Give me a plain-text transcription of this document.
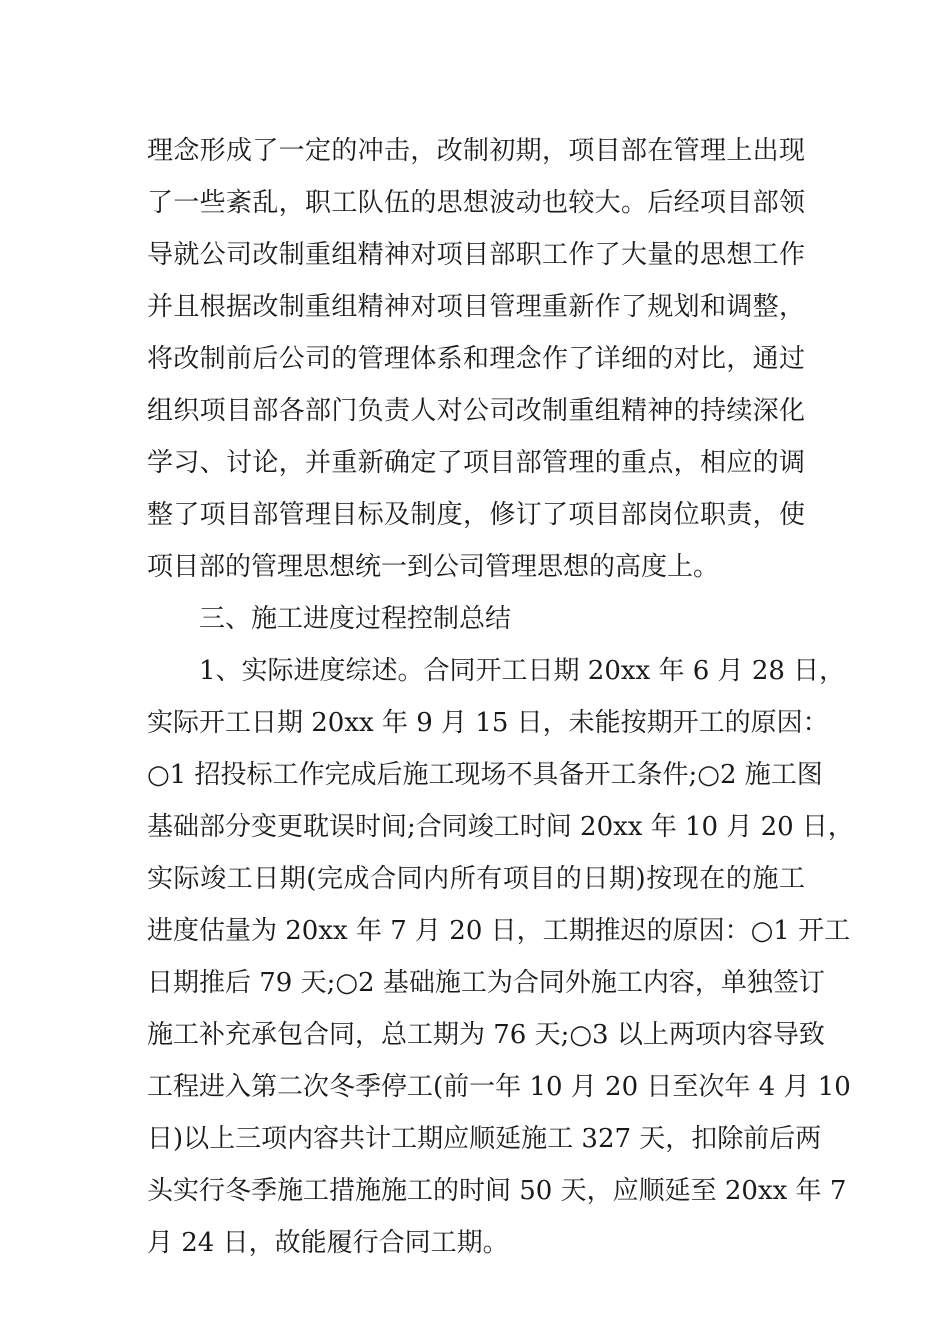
理念形成了一定的冲击，改制初期，项目部在管理上出现
了一些紊乱，职工队伍的思想波动也较大。后经项目部领
导就公司改制重组精神对项目部职工作了大量的思想工作
并且根据改制重组精神对项目管理重新作了规划和调整，
将改制前后公司的管理体系和理念作了详细的对比，通过
组织项目部各部门负责人对公司改制重组精神的持续深化
学习、讨论，并重新确定了项目部管理的重点，相应的调
整了项目部管理目标及制度，修订了项目部岗位职责，使
项目部的管理思想统一到公司管理思想的高度上。
三、施工进度过程控制总结
1、实际进度综述。合同开工日期 20xx 年 6 月 28 日，
实际开工日期 20xx 年 9 月 15 日，未能按期开工的原因：
○1 招投标工作完成后施工现场不具备开工条件;○2 施工图
基础部分变更耽误时间;合同竣工时间 20xx 年 10 月 20 日，
实际竣工日期(完成合同内所有项目的日期)按现在的施工
进度估量为 20xx 年 7 月 20 日，工期推迟的原因：○1 开工
日期推后 79 天;○2 基础施工为合同外施工内容，单独签订
施工补充承包合同，总工期为 76 天;○3 以上两项内容导致
工程进入第二次冬季停工(前一年 10 月 20 日至次年 4 月 10
日)以上三项内容共计工期应顺延施工 327 天，扣除前后两
头实行冬季施工措施施工的时间 50 天，应顺延至 20xx 年 7
月 24 日，故能履行合同工期。
